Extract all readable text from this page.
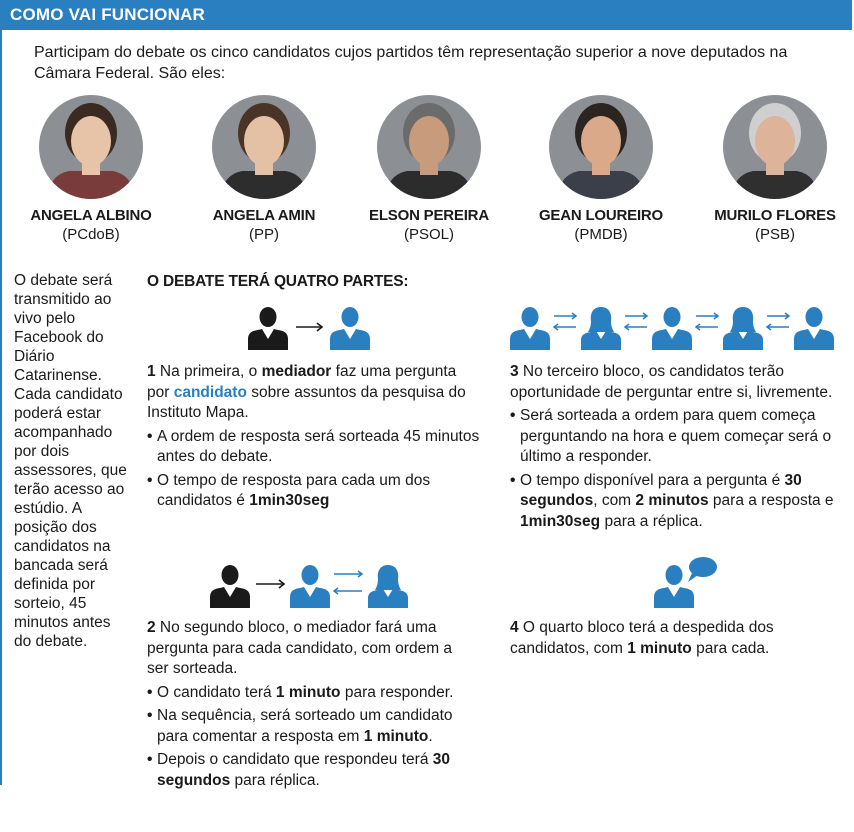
COMO VAI FUNCIONAR
Participam do debate os cinco candidatos cujos partidos têm representação superior a nove deputados na Câmara Federal. São eles:
ANGELA ALBINO
(PCdoB)
ANGELA AMIN
(PP)
ELSON PEREIRA
(PSOL)
GEAN LOUREIRO
(PMDB)
MURILO FLORES
(PSB)
O debate será transmitido ao vivo pelo Facebook do Diário Catarinense. Cada candidato poderá estar acompanhado por dois assessores, que terão acesso ao estúdio. A posição dos candidatos na bancada será definida por sorteio, 45 minutos antes do debate.
O DEBATE TERÁ QUATRO PARTES:

1 Na primeira, o mediador faz uma pergunta por candidato sobre assuntos da pesquisa do Instituto Mapa.

• A ordem de resposta será sorteada 45 minutos antes do debate.

• O tempo de resposta para cada um dos candidatos é 1min30seg

3 No terceiro bloco, os candidatos terão oportunidade de perguntar entre si, livremente.

• Será sorteada a ordem para quem começa perguntando na hora e quem começar será o último a responder.

• O tempo disponível para a pergunta é 30 segundos, com 2 minutos para a resposta e 1min30seg para a réplica.

2 No segundo bloco, o mediador fará uma pergunta para cada candidato, com ordem a ser sorteada.

• O candidato terá 1 minuto para responder.

• Na sequência, será sorteado um candidato para comentar a resposta em 1 minuto.

• Depois o candidato que respondeu terá 30 segundos para réplica.

4 O quarto bloco terá a despedida dos candidatos, com 1 minuto para cada.
